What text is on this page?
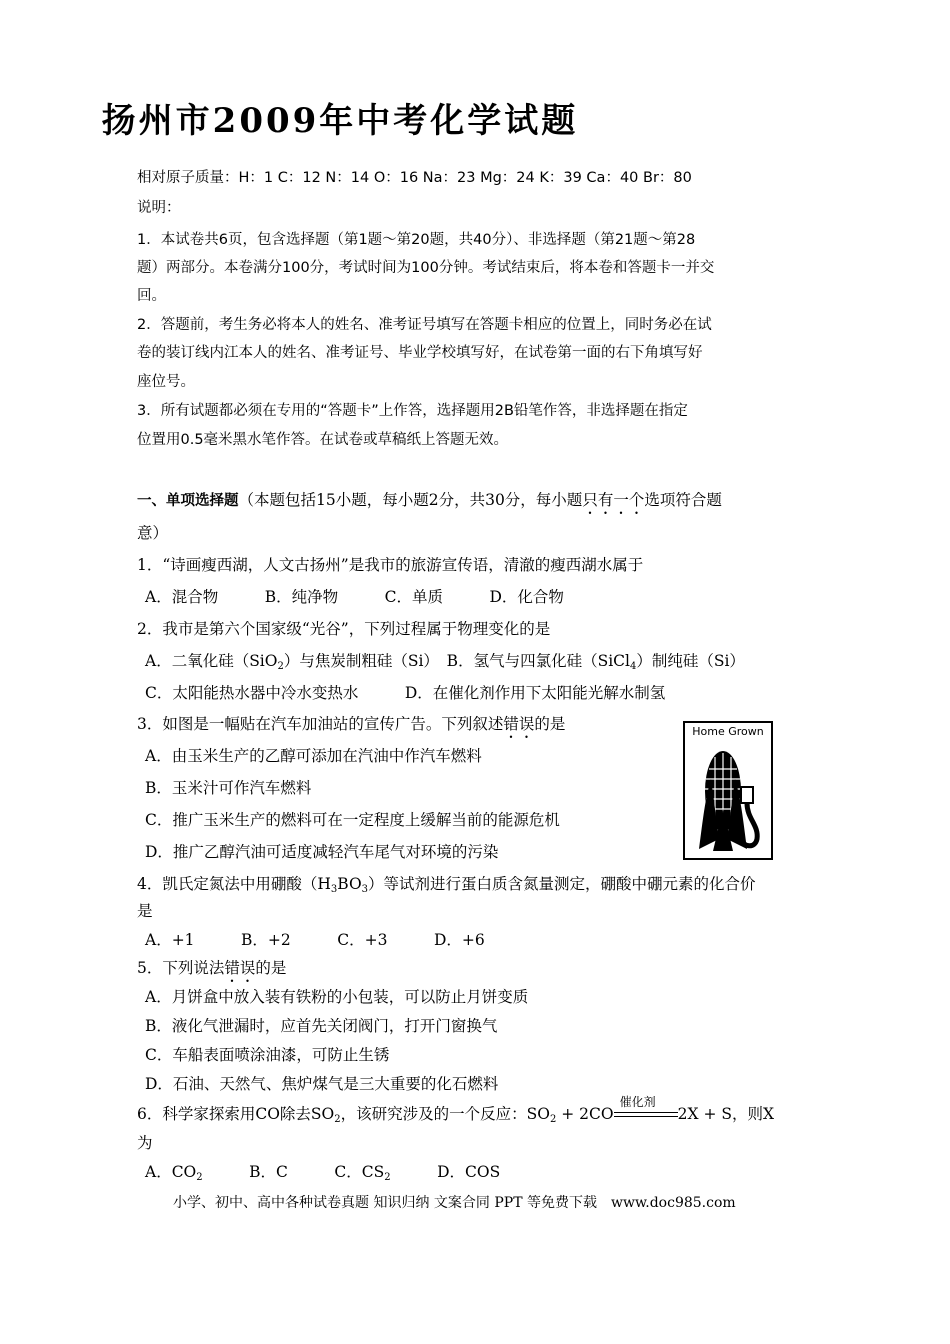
扬州市2009年中考化学试题
相对原子质量：H：1 C：12 N：14 O：16 Na：23 Mg：24 K：39 Ca：40 Br：80
说明：
1．本试卷共6页，包含选择题（第1题～第20题，共40分）、非选择题（第21题～第28
题）两部分。本卷满分100分，考试时间为100分钟。考试结束后，将本卷和答题卡一并交
回。
2．答题前，考生务必将本人的姓名、准考证号填写在答题卡相应的位置上，同时务必在试
卷的装订线内江本人的姓名、准考证号、毕业学校填写好，在试卷第一面的右下角填写好
座位号。
3．所有试题都必须在专用的“答题卡”上作答，选择题用2B铅笔作答，非选择题在指定
位置用0.5毫米黑水笔作答。在试卷或草稿纸上答题无效。
一、单项选择题（本题包括15小题，每小题2分，共30分，每小题只有一个选项符合题
意）
1．“诗画瘦西湖，人文古扬州”是我市的旅游宣传语，清澈的瘦西湖水属于
A．混合物　　　B．纯净物　　　C．单质　　　D．化合物
2．我市是第六个国家级“光谷”，下列过程属于物理变化的是
A．二氧化硅（SiO$_2$）与焦炭制粗硅（Si）　B．氢气与四氯化硅（SiCl$_4$）制纯硅（Si）
C．太阳能热水器中冷水变热水　　　D．在催化剂作用下太阳能光解水制氢
3．如图是一幅贴在汽车加油站的宣传广告。下列叙述错误的是
A．由玉米生产的乙醇可添加在汽油中作汽车燃料
B．玉米汁可作汽车燃料
C．推广玉米生产的燃料可在一定程度上缓解当前的能源危机
D．推广乙醇汽油可适度减轻汽车尾气对环境的污染
4．凯氏定氮法中用硼酸$(H_3BO_3)$等试剂进行蛋白质含氮量测定，硼酸中硼元素的化合价
是
A．+1　　　B．+2　　　C．+3　　　D．+6
5．下列说法错误的是
A．月饼盒中放入装有铁粉的小包装，可以防止月饼变质
B．液化气泄漏时，应首先关闭阀门，打开门窗换气
C．车船表面喷涂油漆，可防止生锈
D．石油、天然气、焦炉煤气是三大重要的化石燃料
6．科学家探索用CO除去$SO_2$，该研究涉及的一个反应：$SO_2 + 2CO$
催化剂
2X + S，则X
为
A．$CO_2$　　　B．C　　　C．$CS_2$　　　D．COS
Home Grown
小学、初中、高中各种试卷真题 知识归纳 文案合同 PPT 等免费下载　www.doc985.com
